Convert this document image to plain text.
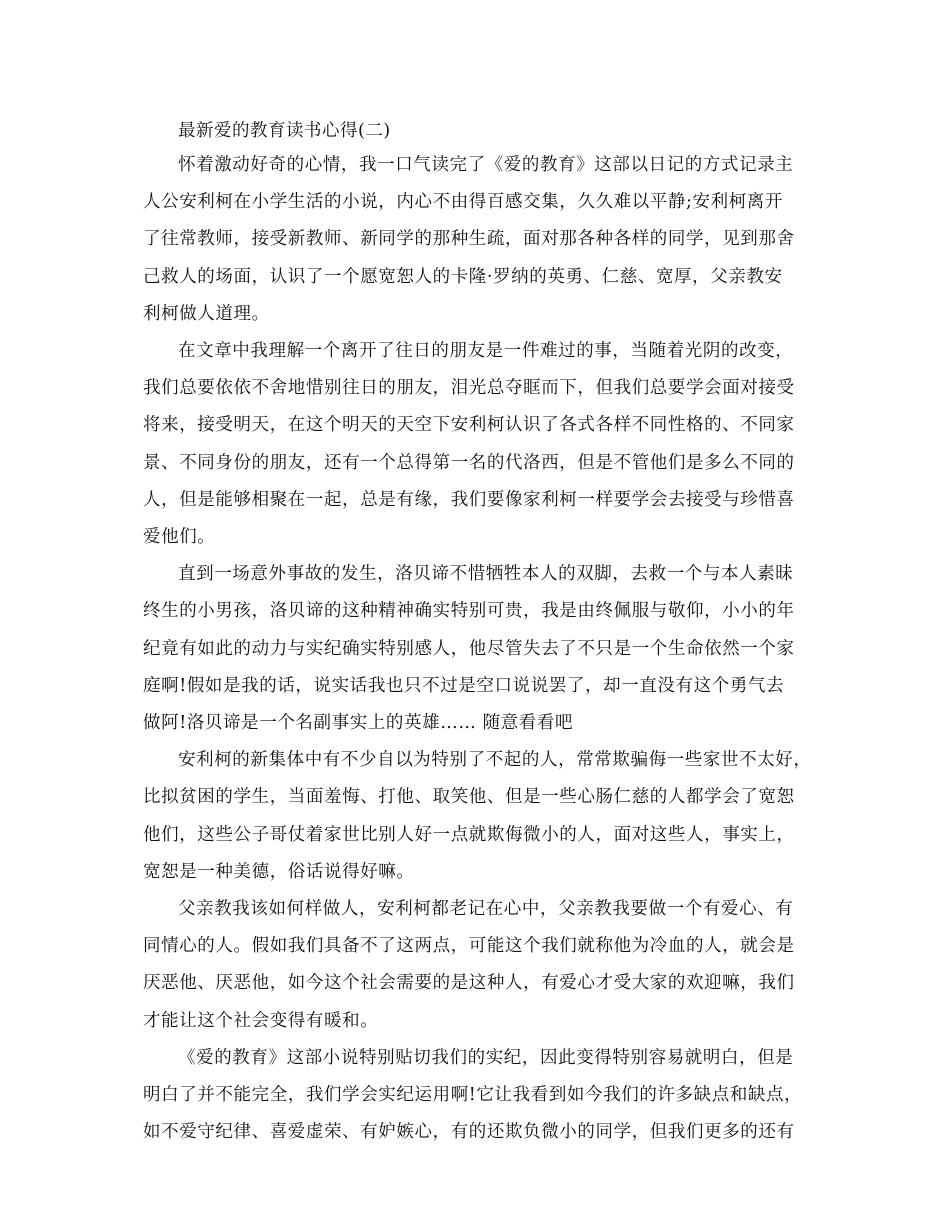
最新爱的教育读书心得(二)
怀着激动好奇的心情，我一口气读完了《爱的教育》这部以日记的方式记录主
人公安利柯在小学生活的小说，内心不由得百感交集，久久难以平静;安利柯离开
了往常教师，接受新教师、新同学的那种生疏，面对那各种各样的同学，见到那舍
己救人的场面，认识了一个愿宽恕人的卡隆·罗纳的英勇、仁慈、宽厚，父亲教安
利柯做人道理。
在文章中我理解一个离开了往日的朋友是一件难过的事，当随着光阴的改变，
我们总要依依不舍地惜别往日的朋友，泪光总夺眶而下，但我们总要学会面对接受
将来，接受明天，在这个明天的天空下安利柯认识了各式各样不同性格的、不同家
景、不同身份的朋友，还有一个总得第一名的代洛西，但是不管他们是多么不同的
人，但是能够相聚在一起，总是有缘，我们要像家利柯一样要学会去接受与珍惜喜
爱他们。
直到一场意外事故的发生，洛贝谛不惜牺牲本人的双脚，去救一个与本人素昧
终生的小男孩，洛贝谛的这种精神确实特别可贵，我是由终佩服与敬仰，小小的年
纪竟有如此的动力与实纪确实特别感人，他尽管失去了不只是一个生命依然一个家
庭啊!假如是我的话，说实话我也只不过是空口说说罢了，却一直没有这个勇气去
做阿!洛贝谛是一个名副事实上的英雄…… 随意看看吧
安利柯的新集体中有不少自以为特别了不起的人，常常欺骗侮一些家世不太好，
比拟贫困的学生，当面羞悔、打他、取笑他、但是一些心肠仁慈的人都学会了宽恕
他们，这些公子哥仗着家世比别人好一点就欺侮微小的人，面对这些人，事实上，
宽恕是一种美德，俗话说得好嘛。
父亲教我该如何样做人，安利柯都老记在心中，父亲教我要做一个有爱心、有
同情心的人。假如我们具备不了这两点，可能这个我们就称他为冷血的人，就会是
厌恶他、厌恶他，如今这个社会需要的是这种人，有爱心才受大家的欢迎嘛，我们
才能让这个社会变得有暖和。
《爱的教育》这部小说特别贴切我们的实纪，因此变得特别容易就明白，但是
明白了并不能完全，我们学会实纪运用啊!它让我看到如今我们的许多缺点和缺点，
如不爱守纪律、喜爱虚荣、有妒嫉心，有的还欺负微小的同学，但我们更多的还有
